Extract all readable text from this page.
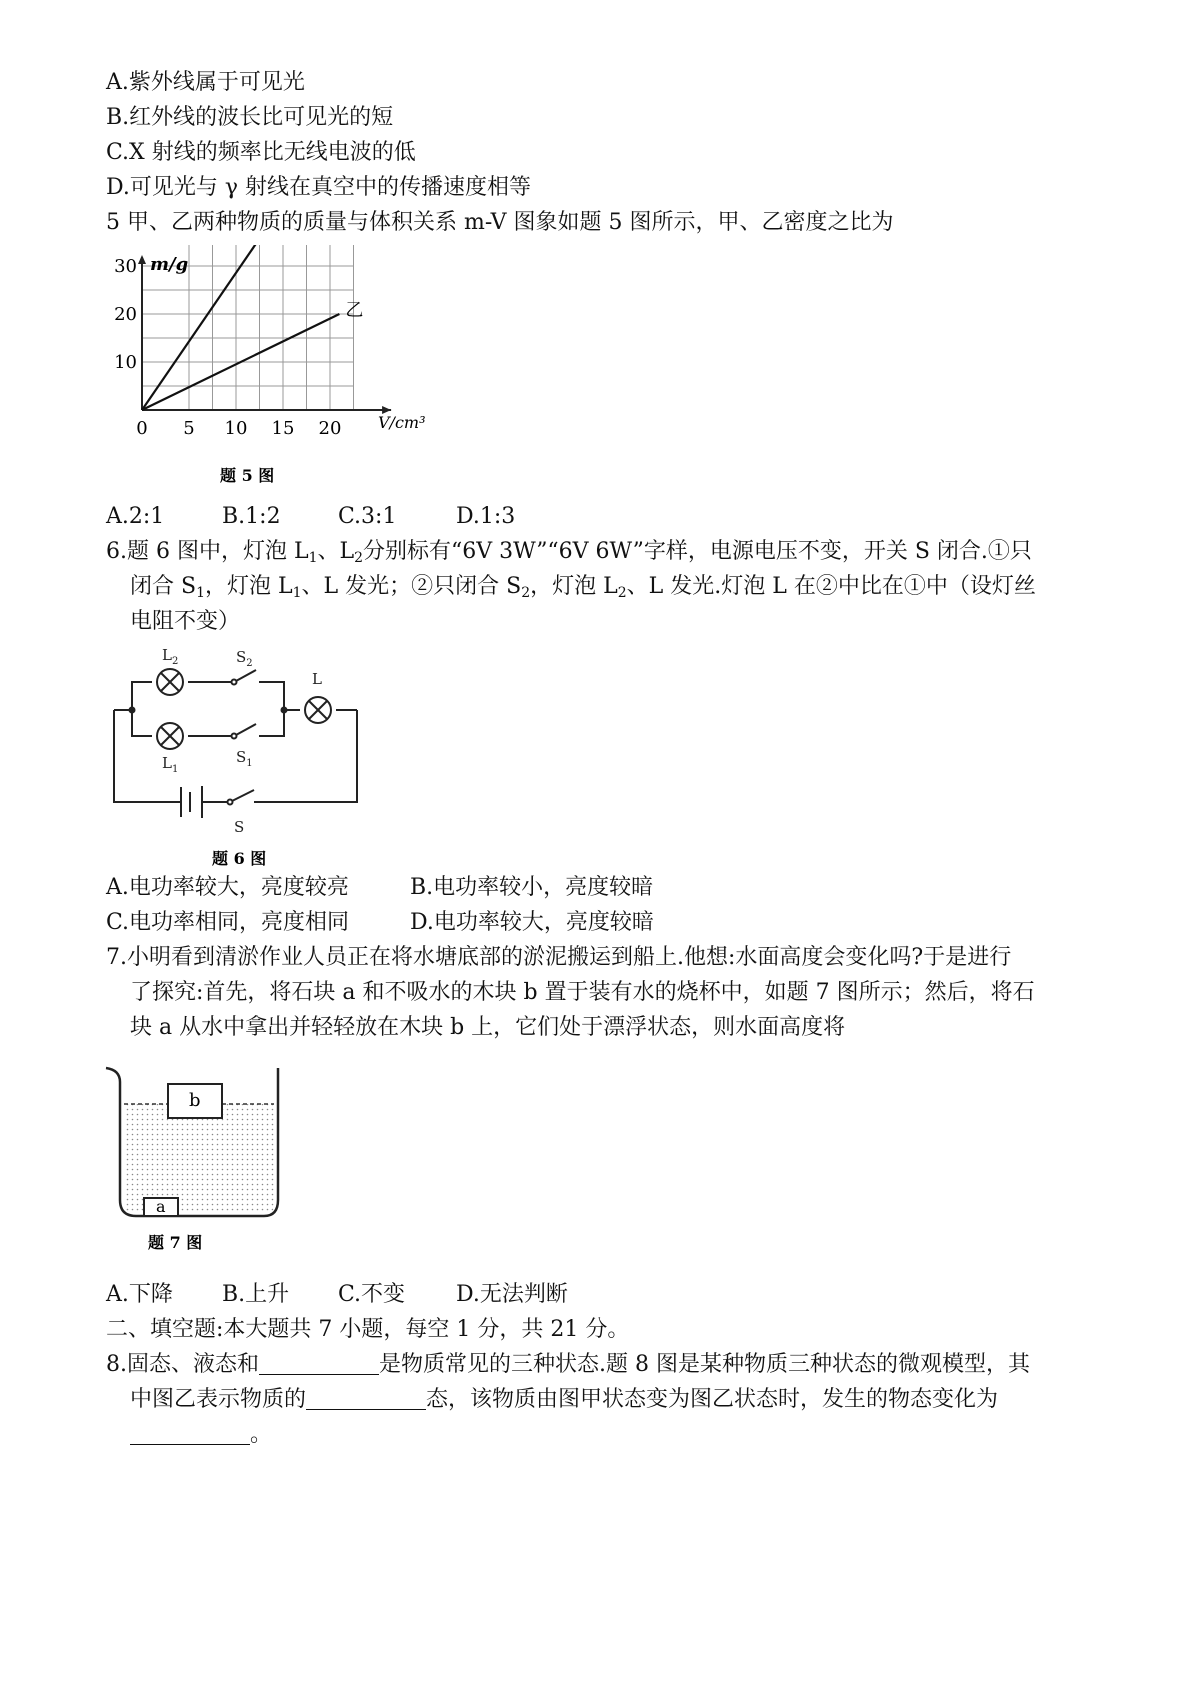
A.紫外线属于可见光
B.红外线的波长比可见光的短
C.X 射线的频率比无线电波的低
D.可见光与 γ 射线在真空中的传播速度相等
5 甲、乙两种物质的质量与体积关系 m-V 图象如题 5 图所示，甲、乙密度之比为
乙
0 5 10 15 20
10
20
30 m/g
V/cm³
题 5 图
A.2:1	B.1:2	C.3:1	D.1:3
6.题 6 图中，灯泡 $L_1$、$L_2$分别标有“6V 3W”“6V 6W”字样，电源电压不变，开关 S 闭合.①只
闭合 $S_1$，灯泡 $L_1$、L 发光；②只闭合 $S_2$，灯泡 $L_2$、L 发光.灯泡 L 在②中比在①中（设灯丝
电阻不变）
$L_2$	$S_2$
L
$L_1$
$S_1$
S
题 6 图
A.电功率较大，亮度较亮	B.电功率较小，亮度较暗
C.电功率相同，亮度相同	D.电功率较大，亮度较暗
7.小明看到清淤作业人员正在将水塘底部的淤泥搬运到船上.他想:水面高度会变化吗?于是进行
了探究:首先，将石块 a 和不吸水的木块 b 置于装有水的烧杯中，如题 7 图所示；然后，将石
块 a 从水中拿出并轻轻放在木块 b 上，它们处于漂浮状态，则水面高度将
b
a
题 7 图
A.下降 B.上升 C.不变 D.无法判断
二、填空题:本大题共 7 小题，每空 1 分，共 21 分。
8.固态、液态和	是物质常见的三种状态.题 8 图是某种物质三种状态的微观模型，其
中图乙表示物质的	态，该物质由图甲状态变为图乙状态时，发生的物态变化为
。
